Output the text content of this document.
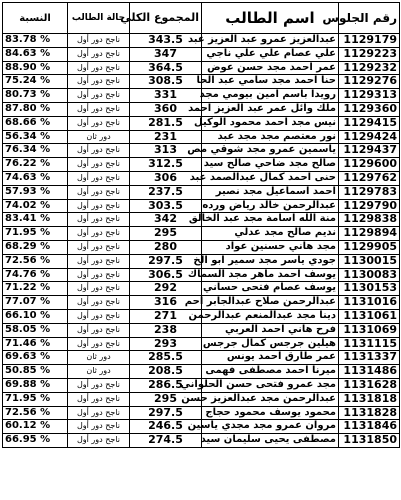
رقم الجلوس	اسم الطالب	المجموع الكلي	حالة الطالب	النسبة
1129179	عبدالعزيز عمرو عبد العزيز عبد	343.5	ناجح دور أول	83.78 %
1129223	علي عصام علي علي ناجي	347	ناجح دور أول	84.63 %
1129232	عمر احمد مجد حسن عوض	364.5	ناجح دور أول	88.90 %
1129276	حنا احمد مجد سامي عبد الحا	308.5	ناجح دور أول	75.24 %
1129313	رويدا باسم امين بيومي مجد	331	ناجح دور أول	80.73 %
1129360	ملك وائل عمر عبد العزيز احمد	360	ناجح دور أول	87.80 %
1129415	نيس مجد احمد محمود الوكيل	281.5	ناجح دور أول	68.66 %
1129424	نور معتصم مجد مجد عبد	231	دور ثان	56.34 %
1129437	ياسمين عمرو مجد شوقي مص	313	ناجح دور أول	76.34 %
1129600	صالح مجد ضاحي صالح سيد	312.5	ناجح دور أول	76.22 %
1129762	حنى احمد كمال عبدالصمد عبد	306	ناجح دور أول	74.63 %
1129783	احمد اسماعيل مجد نصير	237.5	ناجح دور أول	57.93 %
1129790	عبدالرحمن خالد رياض ورده	303.5	ناجح دور أول	74.02 %
1129838	منة الله اسامة مجد عبد الخالق	342	ناجح دور أول	83.41 %
1129894	نديم صالح مجد عدلي	295	ناجح دور أول	71.95 %
1129905	مجد هاني حسنين عواد	280	ناجح دور أول	68.29 %
1130015	جودي ياسر مجد سمير ابو الخ	297.5	ناجح دور أول	72.56 %
1130083	يوسف احمد ماهر مجد السماك	306.5	ناجح دور أول	74.76 %
1130153	يوسف عصام فتحى حساني	292	ناجح دور أول	71.22 %
1131016	عبدالرحمن صلاح عبدالجابر احم	316	ناجح دور أول	77.07 %
1131061	دينا مجد عبدالمنعم عبدالرحمن	271	ناجح دور أول	66.10 %
1131069	فرح هاني احمد العربي	238	ناجح دور أول	58.05 %
1131115	هيلين جرجس كمال جرجس	293	ناجح دور أول	71.46 %
1131337	عمر طارق احمد يونس	285.5	دور ثان	69.63 %
1131486	ميرنا احمد مصطفى فهمى	208.5	دور ثان	50.85 %
1131628	مجد عمرو فتحى حسن الحلواني	286.5	ناجح دور أول	69.88 %
1131818	عبدالرحمن مجد عبدالعزيز حسن	295	ناجح دور أول	71.95 %
1131828	محمود يوسف محمود حجاج	297.5	ناجح دور أول	72.56 %
1131846	مروان عمرو مجد مجدي ياسين	246.5	ناجح دور أول	60.12 %
1131850	مصطفى يحيى سليمان سيد	274.5	ناجح دور أول	66.95 %
